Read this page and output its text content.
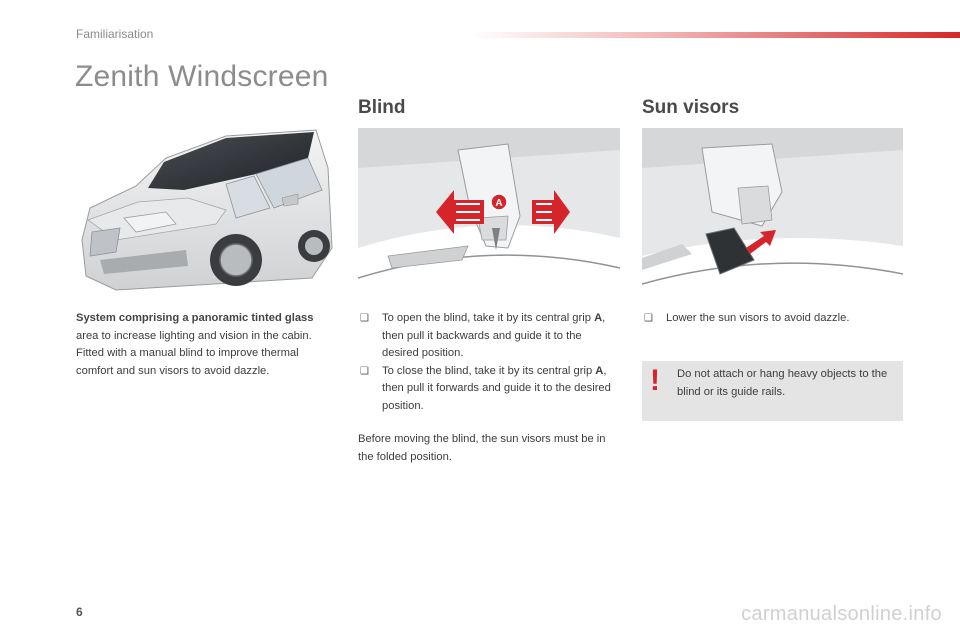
Familiarisation
Zenith Windscreen
Blind	Sun visors
A

System comprising a panoramic tinted glass
area to increase lighting and vision in the cabin. Fitted with a manual blind to improve thermal comfort and sun visors to avoid dazzle.

❑ To open the blind, take it by its central grip A, then pull it backwards and guide it to the desired position.
❑ To close the blind, take it by its central grip A, then pull it forwards and guide it to the desired position.

Before moving the blind, the sun visors must be in the folded position.

❑ Lower the sun visors to avoid dazzle.
! Do not attach or hang heavy objects to the blind or its guide rails.

6	carmanualsonline.info
